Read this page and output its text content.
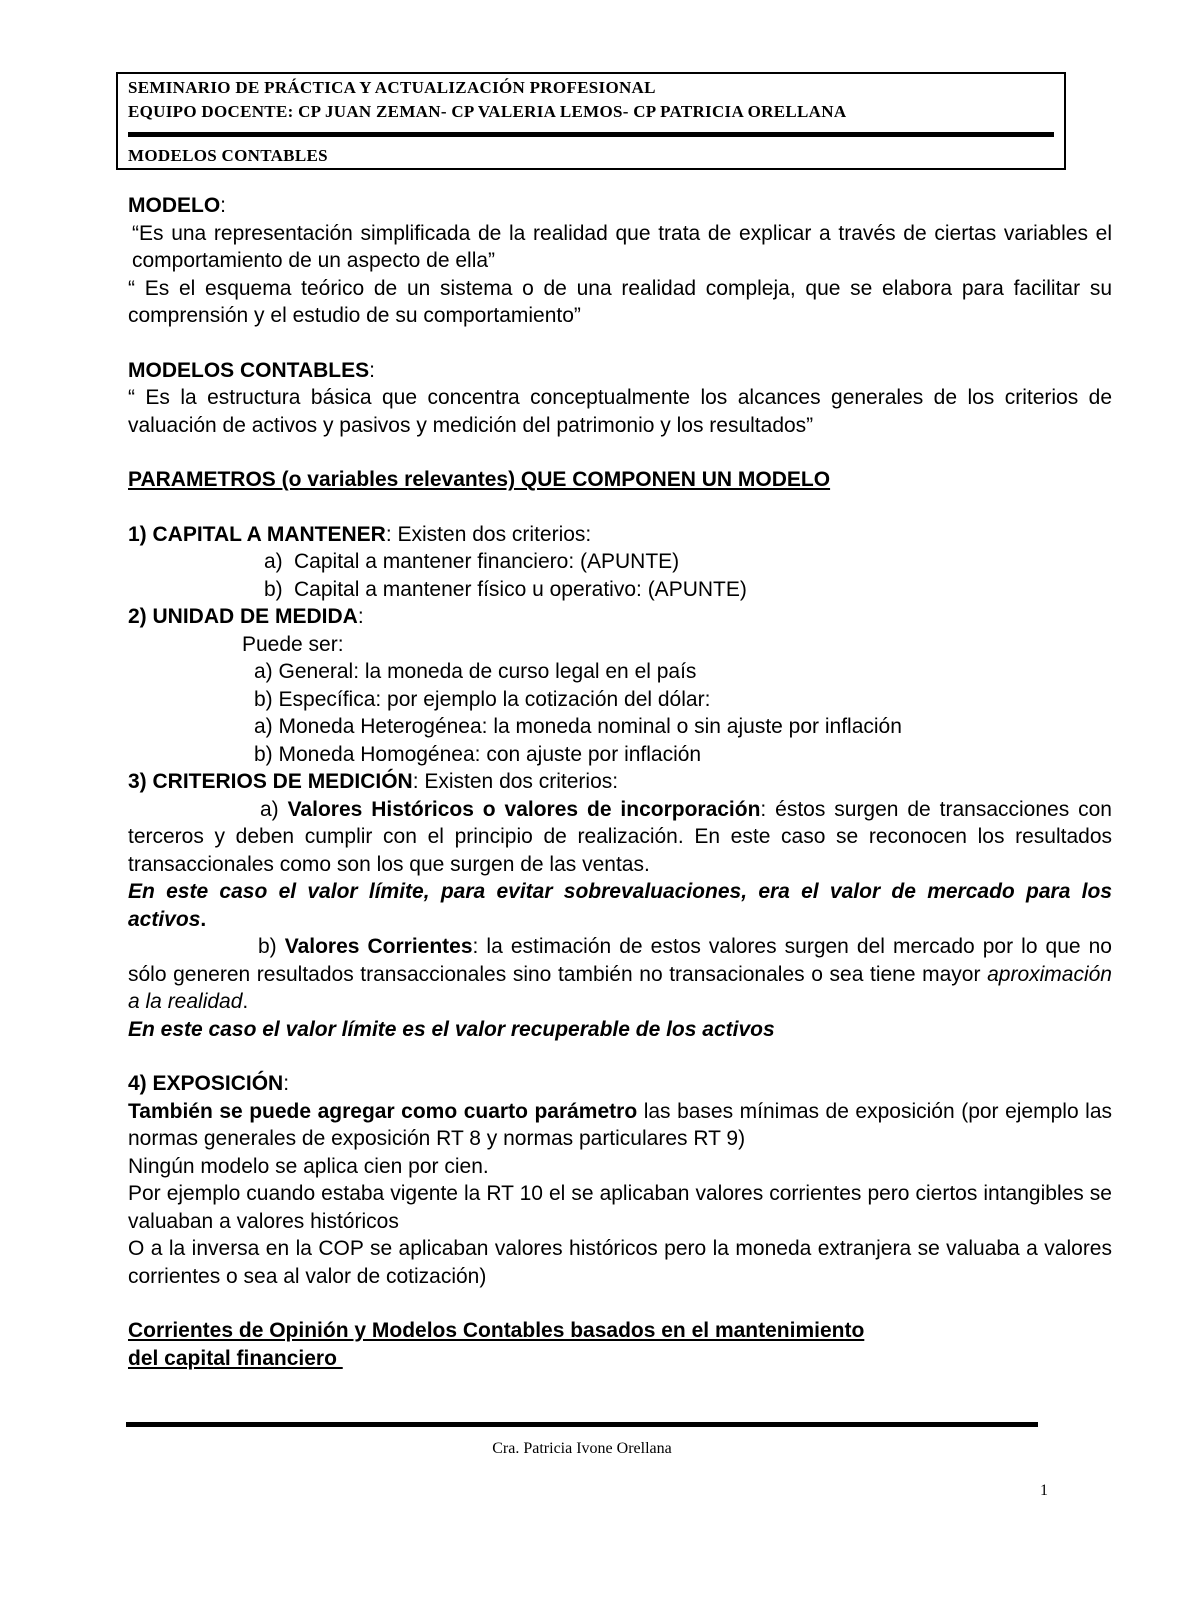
SEMINARIO DE PRÁCTICA Y ACTUALIZACIÓN PROFESIONAL
EQUIPO DOCENTE: CP JUAN ZEMAN- CP VALERIA LEMOS- CP PATRICIA ORELLANA
MODELOS CONTABLES

MODELO:

“Es una representación simplificada de la realidad que trata de explicar a través de ciertas variables el comportamiento de un aspecto de ella”

“ Es el esquema teórico de un sistema o de una realidad compleja, que se elabora para facilitar su comprensión y el estudio de su comportamiento”

MODELOS CONTABLES:

“ Es la estructura básica que concentra conceptualmente los alcances generales de los criterios de valuación de activos y pasivos y medición del patrimonio y los resultados”

PARAMETROS (o variables relevantes) QUE COMPONEN UN MODELO

1) CAPITAL A MANTENER: Existen dos criterios:

a) Capital a mantener financiero: (APUNTE)

b) Capital a mantener físico u operativo: (APUNTE)

2) UNIDAD DE MEDIDA:

Puede ser:

a) General: la moneda de curso legal en el país

b) Específica: por ejemplo la cotización del dólar:

a) Moneda Heterogénea: la moneda nominal o sin ajuste por inflación

b) Moneda Homogénea: con ajuste por inflación

3) CRITERIOS DE MEDICIÓN: Existen dos criterios:

a) Valores Históricos o valores de incorporación: éstos surgen de transacciones con terceros y deben cumplir con el principio de realización. En este caso se reconocen los resultados transaccionales como son los que surgen de las ventas.

En este caso el valor límite, para evitar sobrevaluaciones, era el valor de mercado para los activos.

b) Valores Corrientes: la estimación de estos valores surgen del mercado por lo que no sólo generen resultados transaccionales sino también no transacionales o sea tiene mayor aproximación a la realidad.

En este caso el valor límite es el valor recuperable de los activos

4) EXPOSICIÓN:

También se puede agregar como cuarto parámetro las bases mínimas de exposición (por ejemplo las normas generales de exposición RT 8 y normas particulares RT 9)

Ningún modelo se aplica cien por cien.

Por ejemplo cuando estaba vigente la RT 10 el se aplicaban valores corrientes pero ciertos intangibles se valuaban a valores históricos

O a la inversa en la COP se aplicaban valores históricos pero la moneda extranjera se valuaba a valores corrientes o sea al valor de cotización)

Corrientes de Opinión y Modelos Contables basados en el mantenimiento

del capital financiero

Cra. Patricia Ivone Orellana
1
